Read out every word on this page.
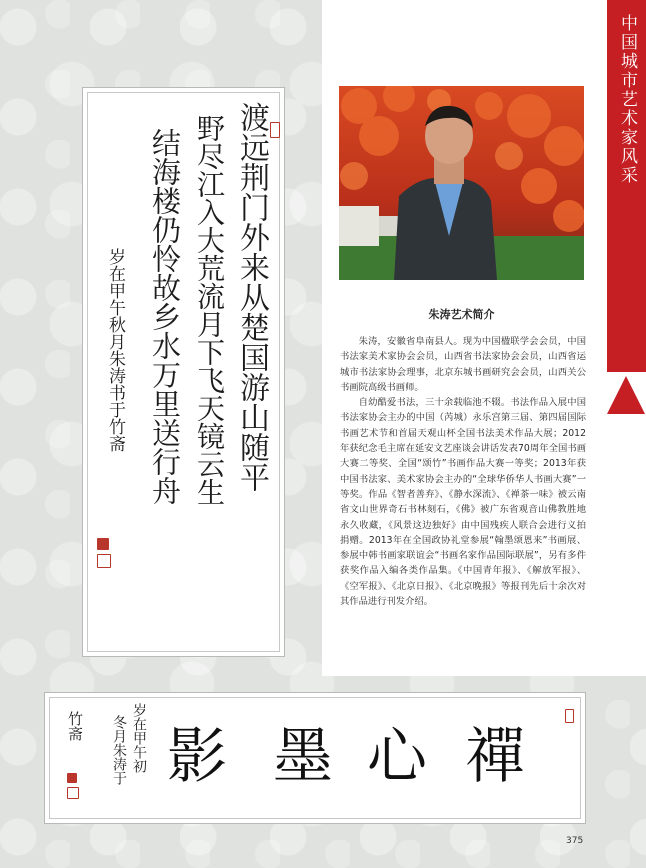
中国城市艺术家风采
朱涛艺术简介

朱涛，安徽省阜南县人。现为中国楹联学会会员，中国书法家美术家协会会员，山西省书法家协会会员，山西省运城市书法家协会理事，北京东城书画研究会会员，山西关公书画院高级书画师。

自幼酷爱书法，三十余载临池不辍。书法作品入展中国书法家协会主办的中国（芮城）永乐宫第三届、第四届国际书画艺术节和首届天观山杯全国书法美术作品大展；2012年获纪念毛主席在延安文艺座谈会讲话发表70周年全国书画大赛二等奖、全国“颂竹”书画作品大赛一等奖；2013年获中国书法家、美术家协会主办的“全球华侨华人书画大赛”一等奖。作品《智者善弃》、《静水深流》、《禅茶一味》被云南省文山世界奇石书林刻石，《佛》被广东省观音山佛教胜地永久收藏，《风景这边独好》由中国残疾人联合会进行义拍捐赠。2013年在全国政协礼堂参展“翰墨颂恩来”书画展、参展中韩书画家联谊会“书画名家作品国际联展”，另有多件获奖作品入编各类作品集。《中国青年报》、《解放军报》、《空军报》、《北京日报》、《北京晚报》等报刊先后十余次对其作品进行刊发介绍。

渡远荆门外来从楚国游山随平
野尽江入大荒流月下飞天镜云生
结海楼仍怜故乡水万里送行舟
岁在甲午秋月朱涛书于竹斋
禪
心
墨
影
岁在甲午初
冬月朱涛于
竹斋
375
